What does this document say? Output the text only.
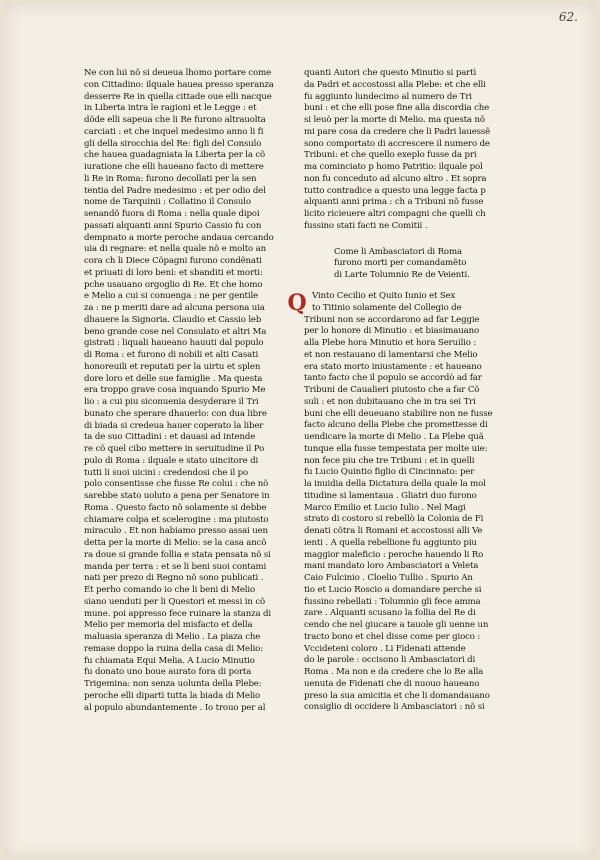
62.
Ne con lui nõ si deueua lhomo portare come
con Cittadino: ilquale hauea presso speranza
desserre Re in quella cittade oue elli nacque
in Liberta intra le ragioni et le Legge : et
dõde elli sapeua che li Re furono altrauolta
carciati : et che inquel medesimo anno li fi
gli della sirocchia del Re: figli del Consulo
che hauea guadagniata la Liberta per la cõ
iuratione che elli haueano facto di mettere
li Re in Roma: furono decollati per la sen
tentia del Padre medesimo : et per odio del
nome de Tarquinii : Collatino il Consulo
senandõ fuora di Roma : nella quale dipoi
passati alquanti anni Spurio Cassio fu con
dempnato a morte peroche andaua cercando
uia di regnare: et nella quale nõ e molto an
cora ch li Diece Cõpagni furono condẽnati
et priuati di loro beni: et sbanditi et morti:
pche usauano orgoglio di Re. Et che homo
e Melio a cui si conuenga : ne per gentile
za : ne p meriti dare ad alcuna persona uia
dhauere la Signoria. Claudio et Cassio leb
beno grande cose nel Consulato et altri Ma
gistrati : liquali haueano hauuti dal populo
di Roma : et furono di nobili et alti Casati
honoreuili et reputati per la uirtu et splen
dore loro et delle sue famiglie . Ma questa
era troppo grave cosa inquando Spurio Me
lio : a cui piu siconuenia desyderare il Tri
bunato che sperare dhauerlo: con dua libre
di biada si credeua hauer coperato la liber
ta de suo Cittadini : et dauasi ad intende
re cõ quel cibo mettere in seruitudine il Po
pulo di Roma : ilquale e stato uincitore di
tutti li suoi uicini : credendosi che il po
polo consentisse che fusse Re colui : che nõ
sarebbe stato uoluto a pena per Senatore in
Roma . Questo facto nõ solamente si debbe
chiamare colpa et scelerogine : ma piutosto
miraculo . Et non habiamo presso assai uen
detta per la morte di Melio: se la casa ancõ
ra doue si grande follia e stata pensata nõ si
manda per terra : et se li beni suoi contami
nati per prezo di Regno nõ sono publicati .
Et perho comando io che li beni di Melio
siano uenduti per li Questori et messi in cõ
mune. poi appresso fece ruinare la stanza di
Melio per memoria del misfacto et della
maluasia speranza di Melio . La piaza che
remase doppo la ruina della casa di Melio:
fu chiamata Equi Melia. A Lucio Minutio
fu donato uno boue aurato fora di porta
Trigemina: non senza uolunta della Plebe:
peroche elli dipartì tutta la biada di Melio
al populo abundantemente . Io trouo per al
quanti Autori che questo Minutio si partì
da Padri et accostossi alla Plebe: et che elli
fu aggiunto lundecimo al numero de Tri
buni : et che elli pose fine alla discordia che
si leuò per la morte di Melio. ma questa nõ
mi pare cosa da credere che li Padri lauessẽ
sono comportato di accrescere il numero de
Tribuni: et che quello exeplo fusse da pri
ma cominciato p homo Patritio: ilquale pol
non fu conceduto ad alcuno altro . Et sopra
tutto contradice a questo una legge facta p
alquanti anni prima : ch a Tribuni nõ fusse
licito ricieuere altri compagni che quelli ch
fussino stati facti ne Comitii .
Come li Ambasciatori di Roma
furono morti per comandamẽto
di Larte Tolumnio Re de Veienti.
Q Vinto Cecilio et Quito Iunio et Sex
to Titinio solamente del Collegio de
Tribuni non se accordarono ad far Leggie
per lo honore di Minutio : et biasimauano
alla Plebe hora Minutio et hora Seruilio :
et non restauano di lamentarsi che Melio
era stato morto iniustamente : et haueano
tanto facto che il populo se accordò ad far
Tribuni de Caualieri piutosto che a far Cõ
suli : et non dubitauano che in tra sei Tri
buni che elli deueuano stabilire non ne fusse
facto alcuno della Plebe che promettesse di
uendicare la morte di Melio . La Plebe quã
tunque ella fusse tempestata per molte uie:
non fece piu che tre Tribuni : et in quelli
fu Lucio Quintio figlio di Cincinnato: per
la inuidia della Dictatura della quale la mol
titudine si lamentaua . Gliatri duo furono
Marco Emilio et Lucio Iulio . Nel Magi
strato di costoro si rebellò la Colonia de Fi
denati cõtra li Romani et accostossi alli Ve
ienti . A quella rebellione fu aggiunto piu
maggior maleficio : peroche hauendo li Ro
mani mandato loro Ambasciatori a Veleta
Caio Fulcinio . Cloelio Tullio . Spurio An
tio et Lucio Roscio a domandare perche si
fussino rebellati : Tolumnio gli fece amma
zare . Alquanti scusano la follia del Re di
cendo che nel giucare a tauole gli uenne un
tracto bono et chel disse come per gioco :
Vccideteni coloro . Li Fidenati attende
do le parole : occisono li Ambasciatori di
Roma . Ma non e da credere che lo Re alla
uenuta de Fidenati che di nuouo haueano
preso la sua amicitia et che li domandauano
consiglio di occidere li Ambasciatori : nõ si
